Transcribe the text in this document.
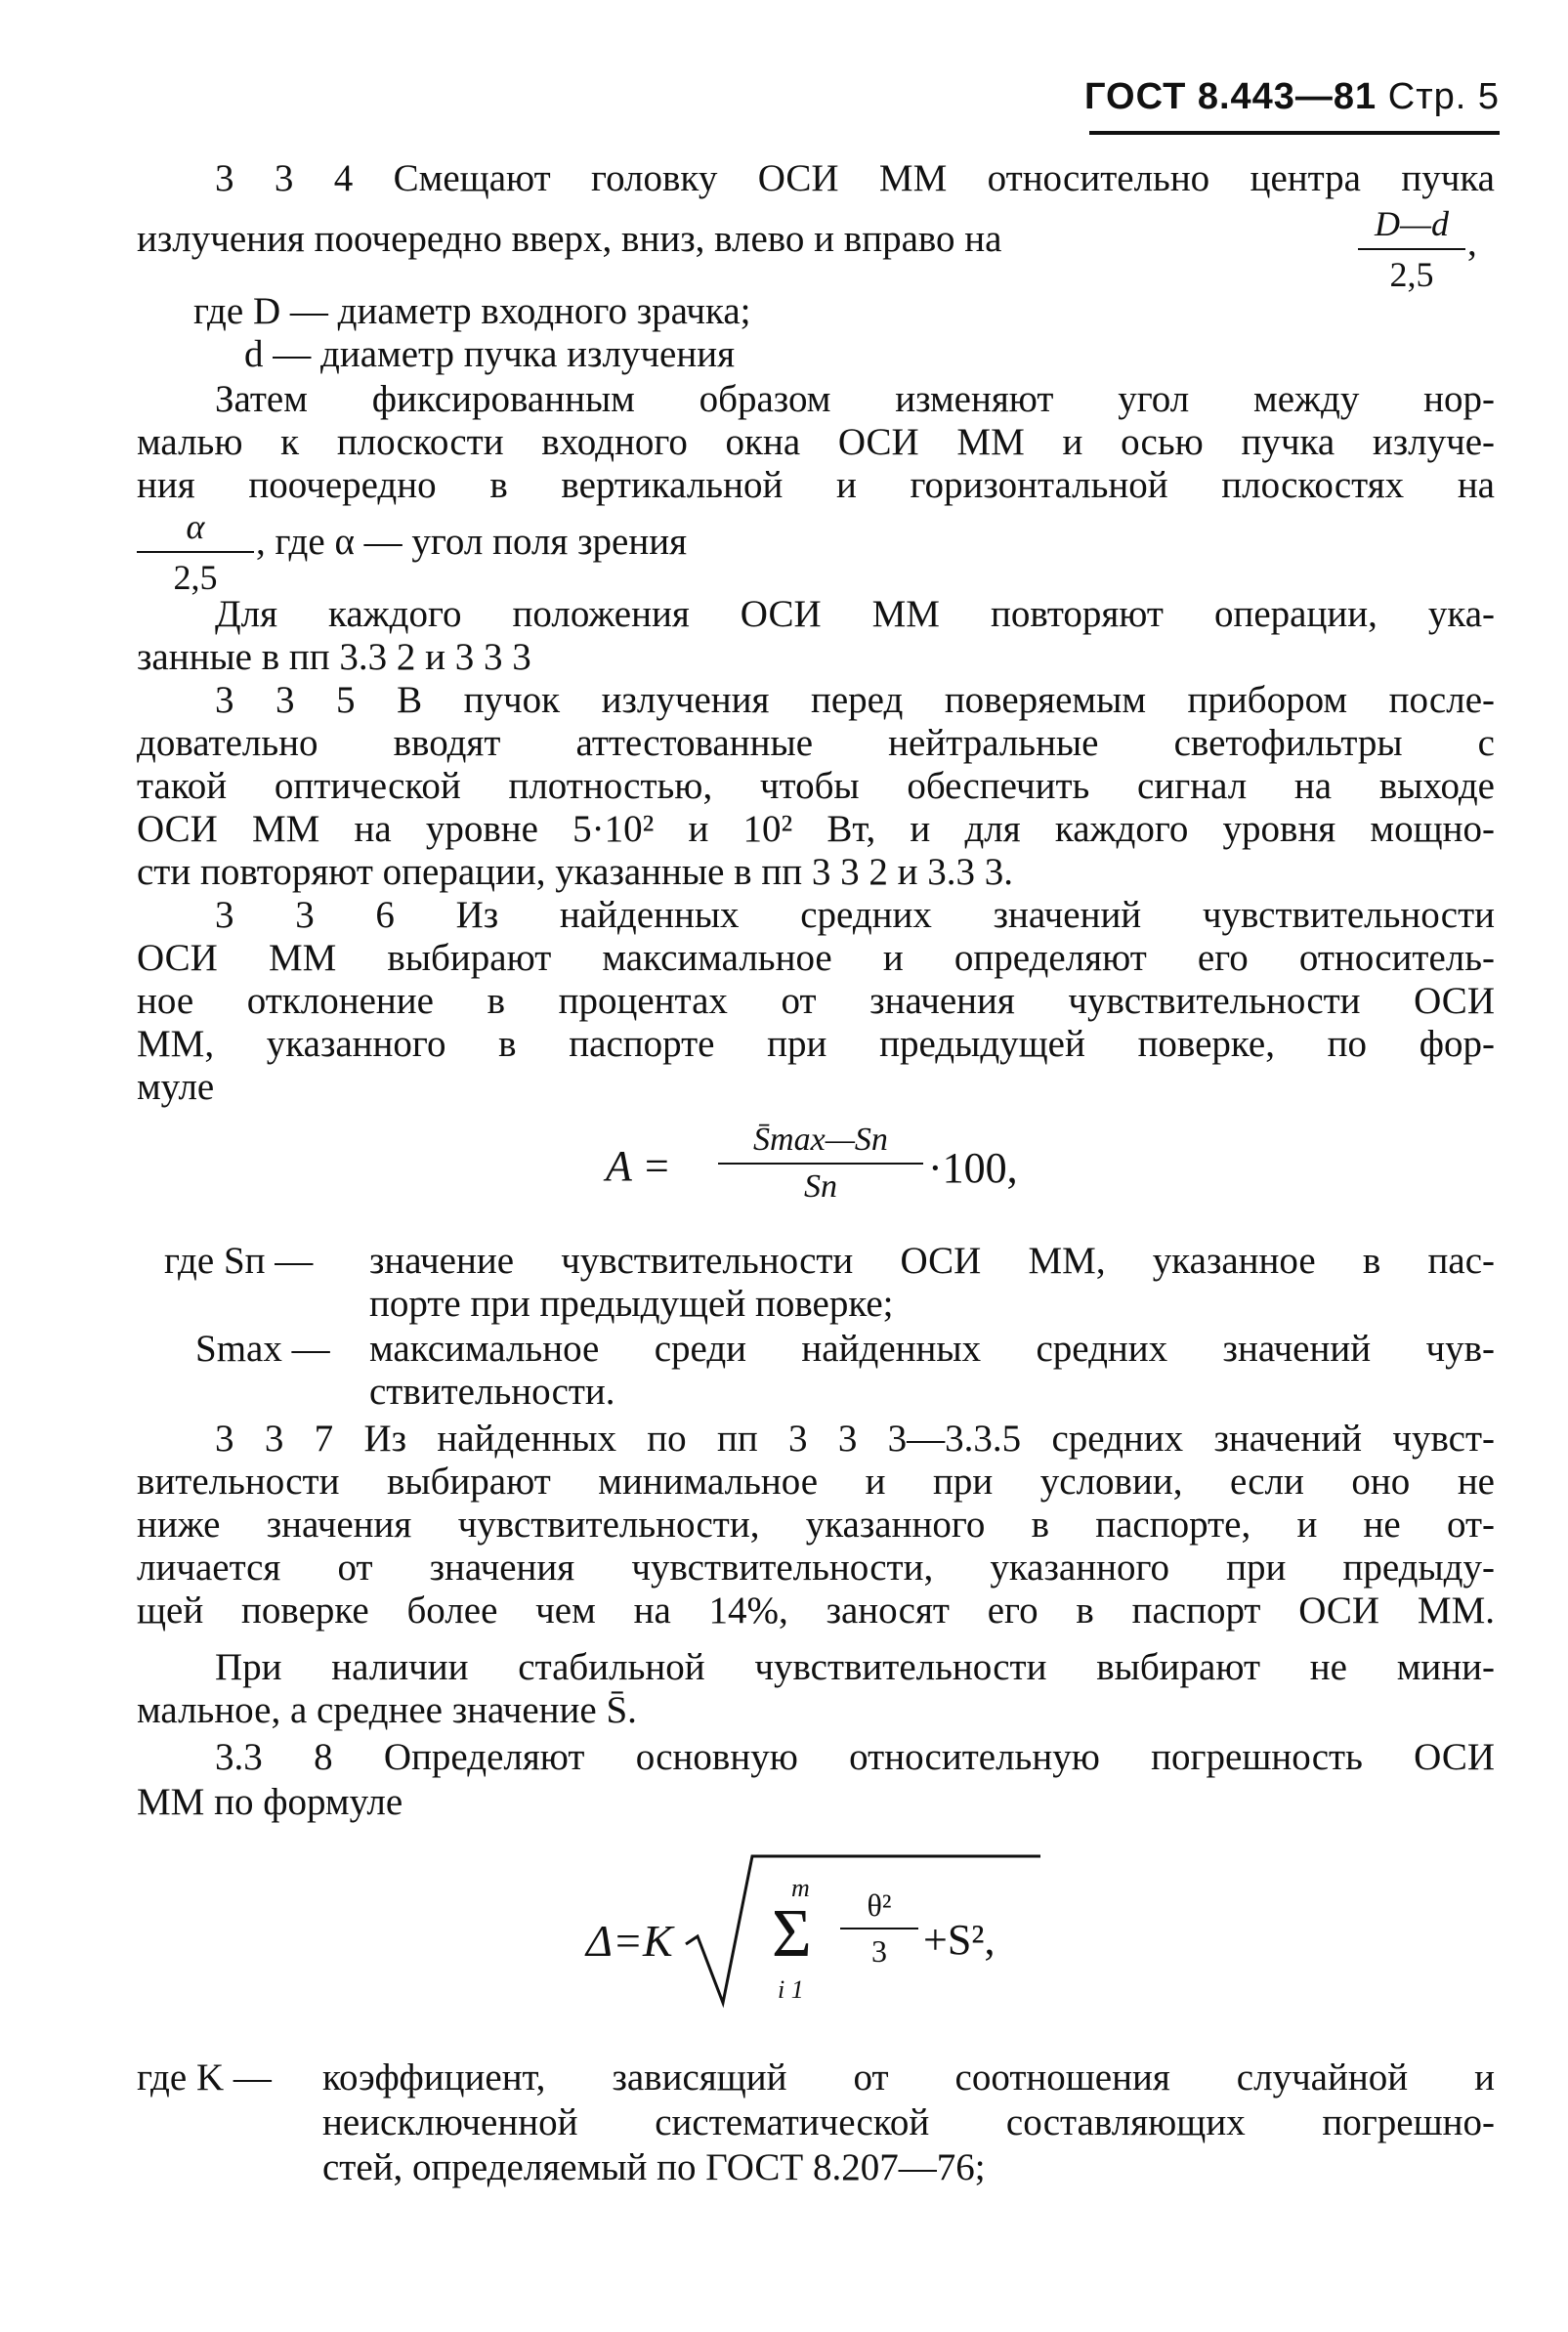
ГОСТ 8.443—81 Стр. 5

3 3 4 Смещают головку ОСИ ММ относительно центра пучка

излучения поочередно вверх, вниз, влево и вправо на	$\frac{D—d}{2,5}$ ,

где D — диаметр входного зрачка;

d — диаметр пучка излучения

Затем фиксированным образом изменяют угол между нор-

малью к плоскости входного окна ОСИ ММ и осью пучка излуче-

ния поочередно в вертикальной и горизонтальной плоскостях на

$\frac{\alpha}{2,5}$ , где α — угол поля зрения

Для каждого положения ОСИ ММ повторяют операции, ука-

занные в пп 3.3 2 и 3 3 3

3 3 5 В пучок излучения перед поверяемым прибором после-

довательно вводят аттестованные нейтральные светофильтры с

такой оптической плотностью, чтобы обеспечить сигнал на выходе

ОСИ ММ на уровне 5·10² и 10² Вт, и для каждого уровня мощно-

сти повторяют операции, указанные в пп 3 3 2 и 3.3 3.

3 3 6 Из найденных средних значений чувствительности

ОСИ ММ выбирают максимальное и определяют его относитель-

ное отклонение в процентах от значения чувствительности ОСИ

ММ, указанного в паспорте при предыдущей поверке, по фор-

муле

A =
S̄max—Sп
Sп	·100,
где Sп — значение чувствительности ОСИ ММ, указанное в пас-

порте при предыдущей поверке;

Smax — максимальное среди найденных средних значений чув-

ствительности.

3 3 7 Из найденных по пп 3 3 3—3.3.5 средних значений чувст-

вительности выбирают минимальное и при условии, если оно не

ниже значения чувствительности, указанного в паспорте, и не от-

личается от значения чувствительности, указанного при предыду-

щей поверке более чем на 14%, заносят его в паспорт ОСИ ММ.

При наличии стабильной чувствительности выбирают не мини-

мальное, а среднее значение S̄.

3.3 8 Определяют основную относительную погрешность ОСИ

ММ по формуле

Δ=K
m
Σ
i 1
$\frac{\text{θ²}}{3} +S^2$,
где K — коэффициент, зависящий от соотношения случайной и

неисключенной систематической составляющих погрешно-

стей, определяемый по ГОСТ 8.207—76;
